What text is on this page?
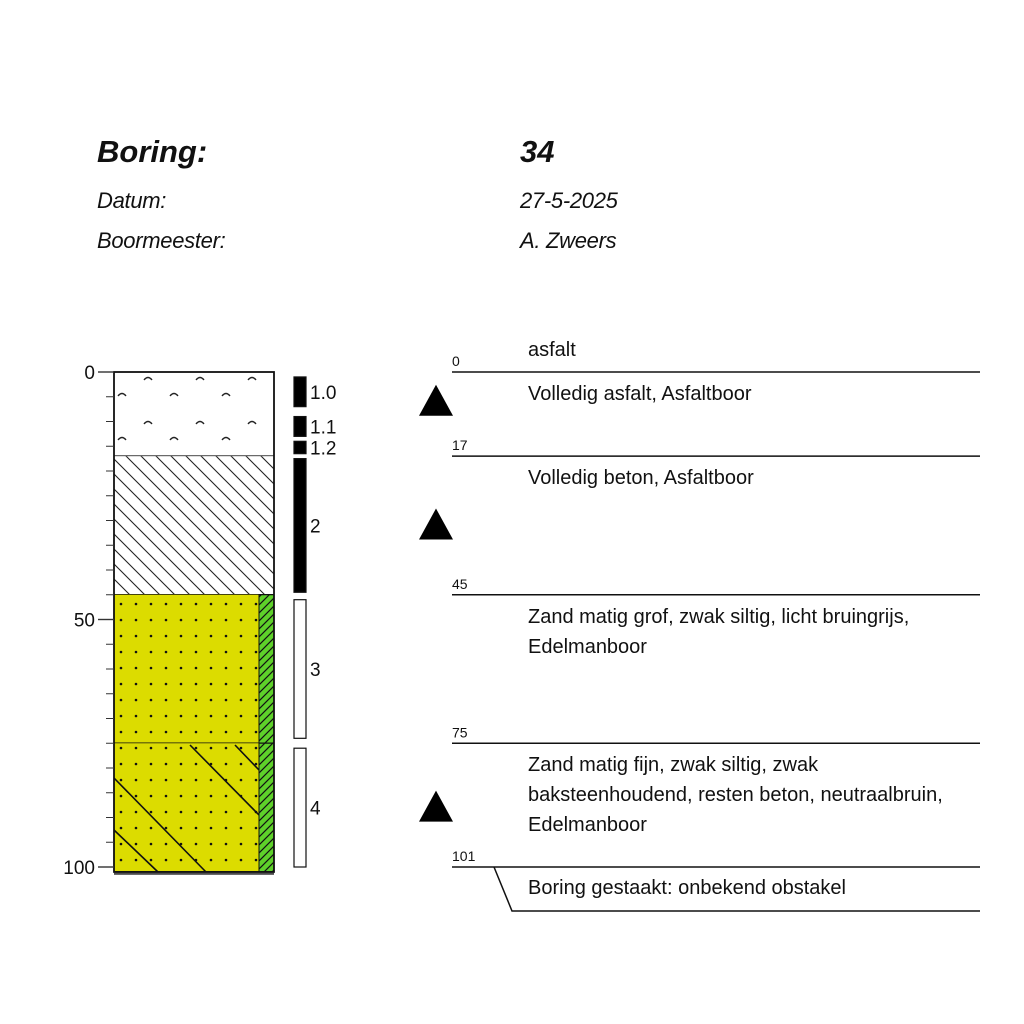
Boring:	34
Datum:	27-5-2025
Boormeester:	A. Zweers
asfalt
Volledig asfalt, Asfaltboor
Volledig beton, Asfaltboor
Zand matig grof, zwak siltig, licht bruingrijs,
Edelmanboor
Zand matig fijn, zwak siltig, zwak
baksteenhoudend, resten beton, neutraalbruin,
Edelmanboor
1.0
1.1
1.2
2
3
4
0
50
100
0
17
45
75
101
Boring gestaakt: onbekend obstakel
